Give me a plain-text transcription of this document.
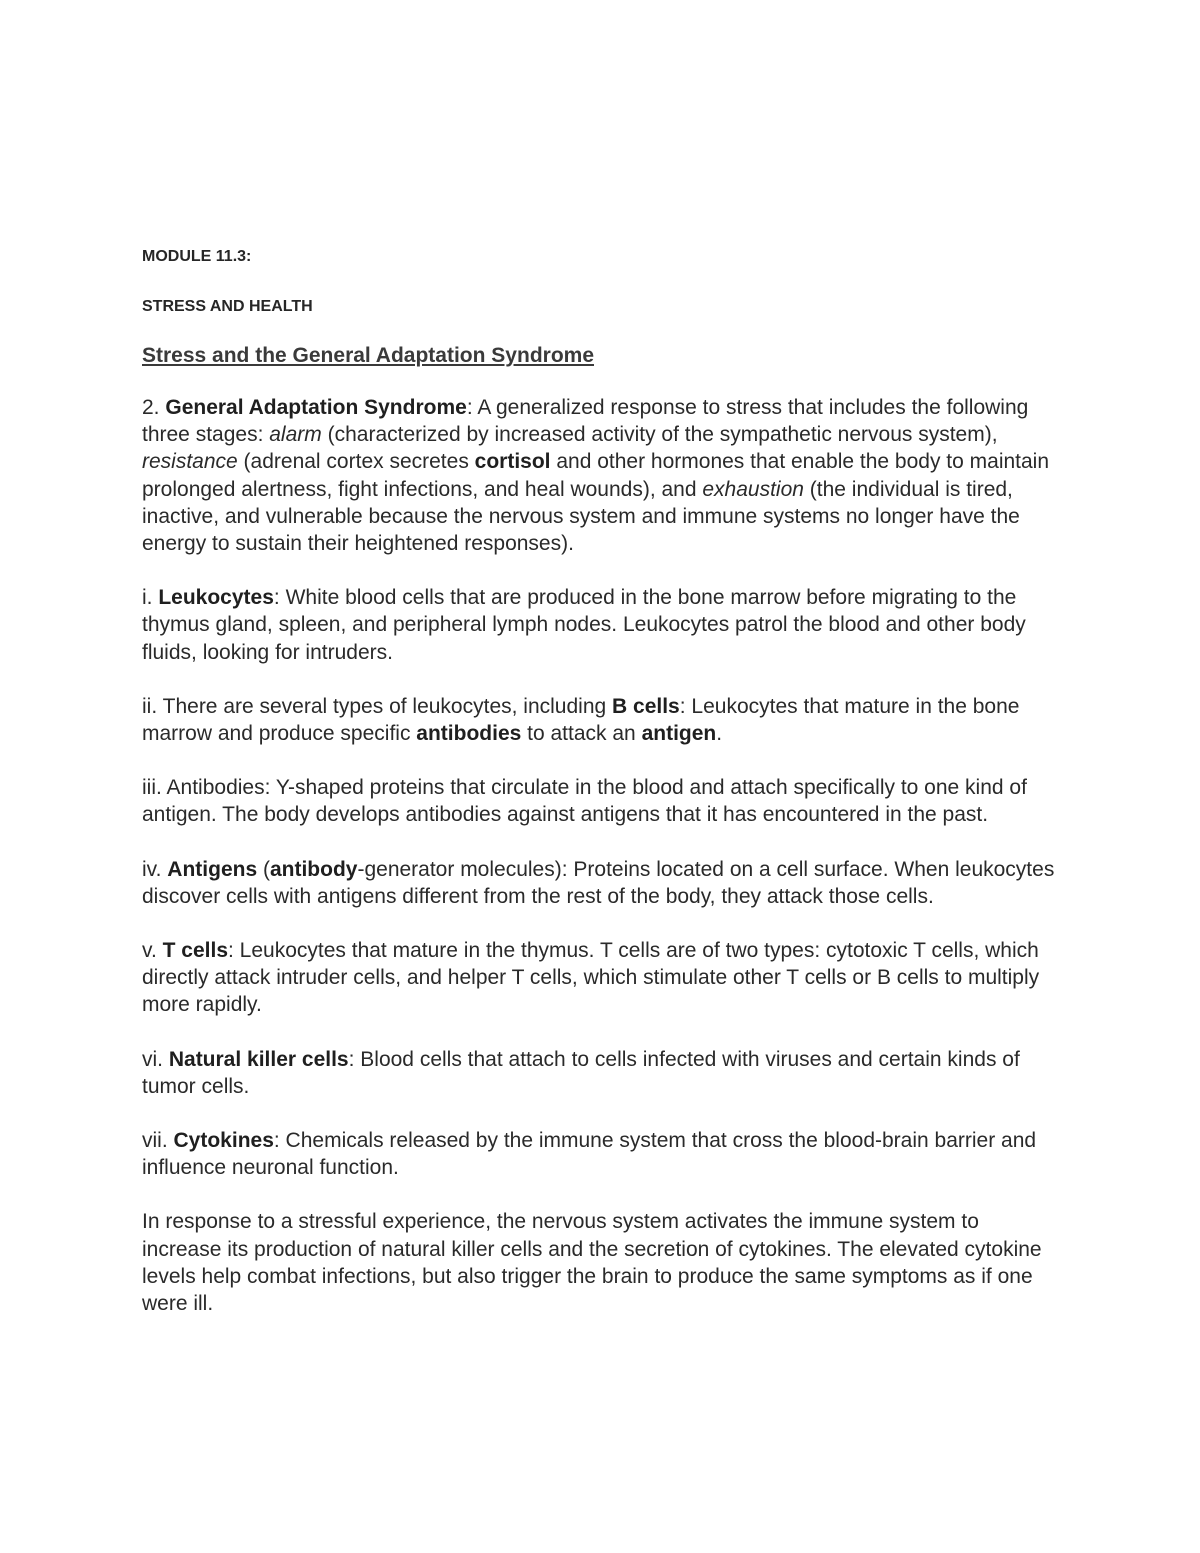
MODULE 11.3:

STRESS AND HEALTH

Stress and the General Adaptation Syndrome

2. General Adaptation Syndrome: A generalized response to stress that includes the following three stages: alarm (characterized by increased activity of the sympathetic nervous system), resistance (adrenal cortex secretes cortisol and other hormones that enable the body to maintain prolonged alertness, fight infections, and heal wounds), and exhaustion (the individual is tired, inactive, and vulnerable because the nervous system and immune systems no longer have the energy to sustain their heightened responses).

i. Leukocytes: White blood cells that are produced in the bone marrow before migrating to the thymus gland, spleen, and peripheral lymph nodes. Leukocytes patrol the blood and other body fluids, looking for intruders.

ii. There are several types of leukocytes, including B cells: Leukocytes that mature in the bone marrow and produce specific antibodies to attack an antigen.

iii. Antibodies: Y-shaped proteins that circulate in the blood and attach specifically to one kind of antigen. The body develops antibodies against antigens that it has encountered in the past.

iv. Antigens (antibody-generator molecules): Proteins located on a cell surface. When leukocytes discover cells with antigens different from the rest of the body, they attack those cells.

v. T cells: Leukocytes that mature in the thymus. T cells are of two types: cytotoxic T cells, which directly attack intruder cells, and helper T cells, which stimulate other T cells or B cells to multiply more rapidly.

vi. Natural killer cells: Blood cells that attach to cells infected with viruses and certain kinds of tumor cells.

vii. Cytokines: Chemicals released by the immune system that cross the blood-brain barrier and influence neuronal function.

In response to a stressful experience, the nervous system activates the immune system to increase its production of natural killer cells and the secretion of cytokines. The elevated cytokine levels help combat infections, but also trigger the brain to produce the same symptoms as if one were ill.
